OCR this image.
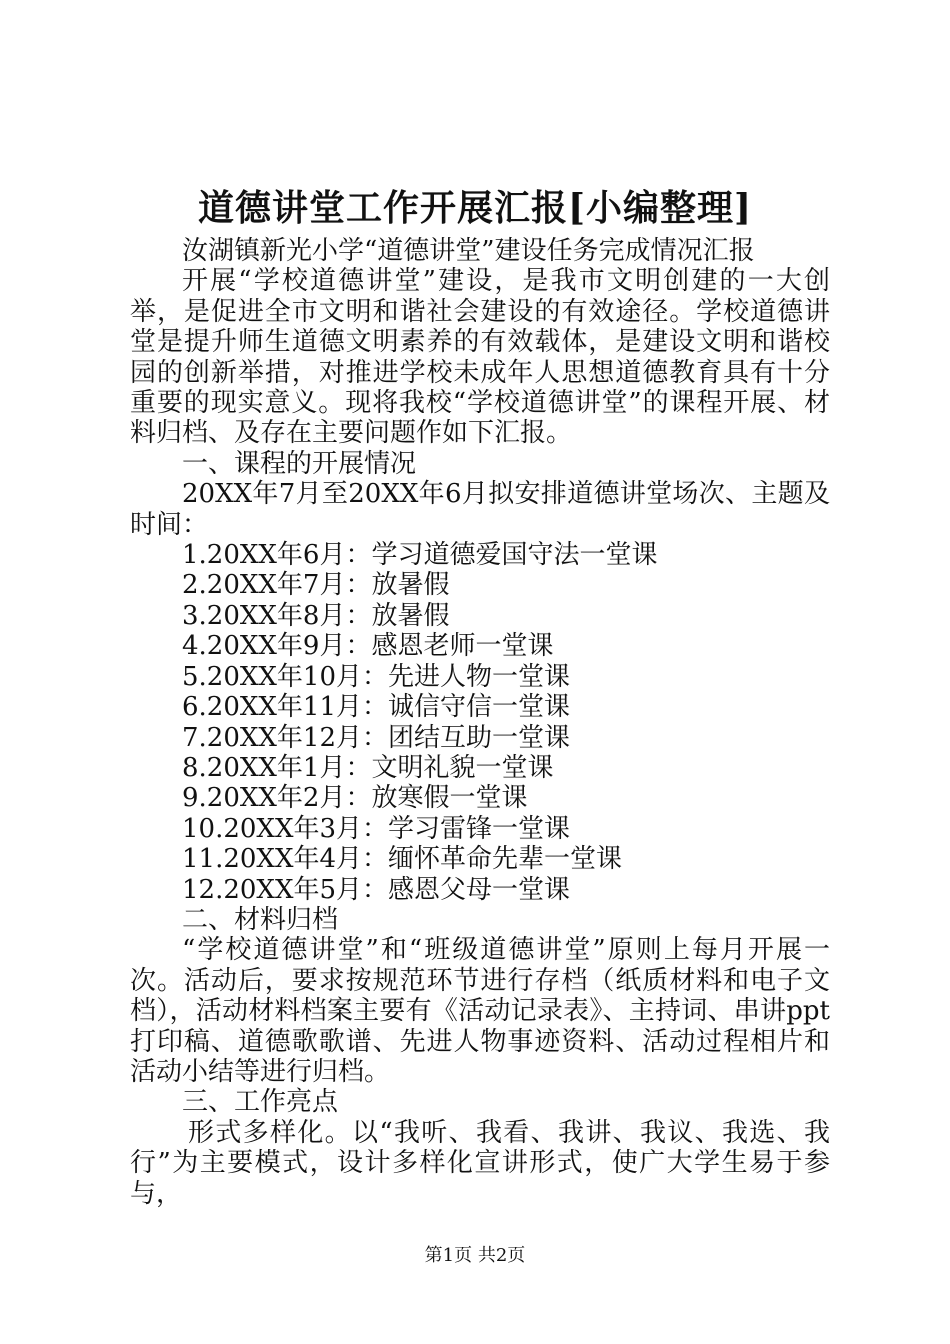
道德讲堂工作开展汇报[小编整理]

汝湖镇新光小学“道德讲堂”建设任务完成情况汇报

开展“学校道德讲堂”建设，是我市文明创建的一大创举，是促进全市文明和谐社会建设的有效途径。学校道德讲堂是提升师生道德文明素养的有效载体，是建设文明和谐校园的创新举措，对推进学校未成年人思想道德教育具有十分重要的现实意义。现将我校“学校道德讲堂”的课程开展、材料归档、及存在主要问题作如下汇报。

一、课程的开展情况

20XX年7月至20XX年6月拟安排道德讲堂场次、主题及时间：

1.20XX年6月：学习道德爱国守法一堂课

2.20XX年7月：放暑假

3.20XX年8月：放暑假

4.20XX年9月：感恩老师一堂课

5.20XX年10月：先进人物一堂课

6.20XX年11月：诚信守信一堂课

7.20XX年12月：团结互助一堂课

8.20XX年1月：文明礼貌一堂课

9.20XX年2月：放寒假一堂课

10.20XX年3月：学习雷锋一堂课

11.20XX年4月：缅怀革命先辈一堂课

12.20XX年5月：感恩父母一堂课

二、材料归档

“学校道德讲堂”和“班级道德讲堂”原则上每月开展一次。活动后，要求按规范环节进行存档（纸质材料和电子文档），活动材料档案主要有《活动记录表》、主持词、串讲ppt打印稿、道德歌歌谱、先进人物事迹资料、活动过程相片和活动小结等进行归档。

三、工作亮点

形式多样化。以“我听、我看、我讲、我议、我选、我行”为主要模式，设计多样化宣讲形式，使广大学生易于参与，

第1页 共2页
